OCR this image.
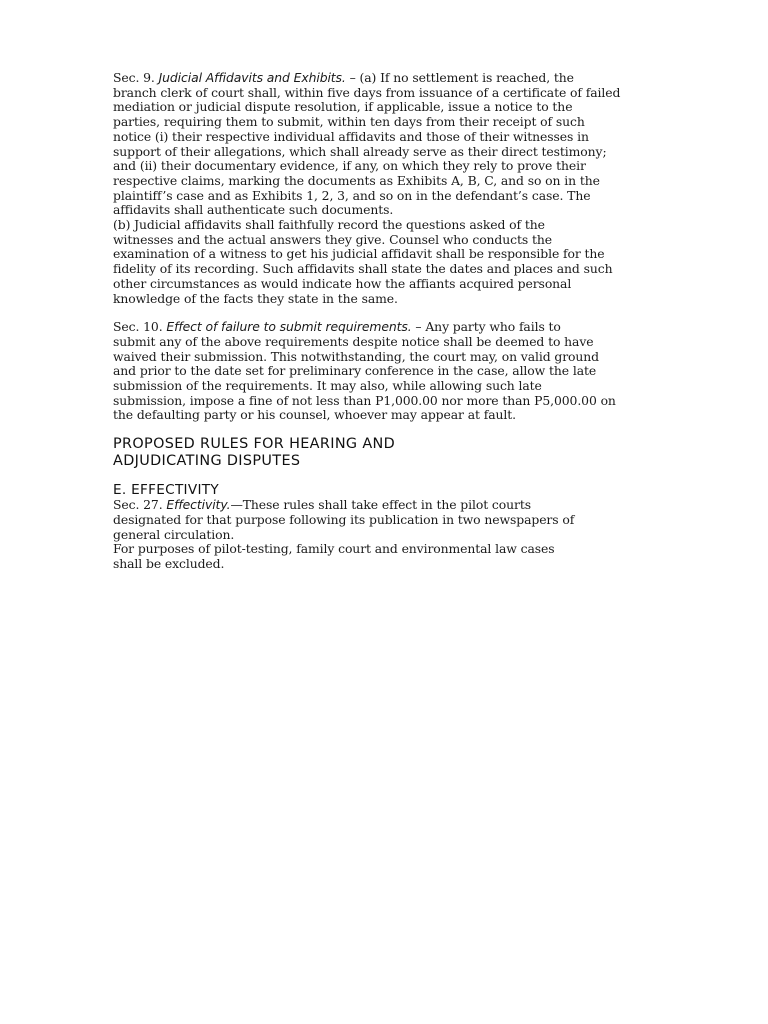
Sec. 9. Judicial Affidavits and Exhibits. – (a) If no settlement is reached, the
branch clerk of court shall, within five days from issuance of a certificate of failed
mediation or judicial dispute resolution, if applicable, issue a notice to the
parties, requiring them to submit, within ten days from their receipt of such
notice (i) their respective individual affidavits and those of their witnesses in
support of their allegations, which shall already serve as their direct testimony;
and (ii) their documentary evidence, if any, on which they rely to prove their
respective claims, marking the documents as Exhibits A, B, C, and so on in the
plaintiff’s case and as Exhibits 1, 2, 3, and so on in the defendant’s case. The
affidavits shall authenticate such documents.
(b) Judicial affidavits shall faithfully record the questions asked of the
witnesses and the actual answers they give. Counsel who conducts the
examination of a witness to get his judicial affidavit shall be responsible for the
fidelity of its recording. Such affidavits shall state the dates and places and such
other circumstances as would indicate how the affiants acquired personal
knowledge of the facts they state in the same.
Sec. 10. Effect of failure to submit requirements. – Any party who fails to
submit any of the above requirements despite notice shall be deemed to have
waived their submission. This notwithstanding, the court may, on valid ground
and prior to the date set for preliminary conference in the case, allow the late
submission of the requirements. It may also, while allowing such late
submission, impose a fine of not less than P1,000.00 nor more than P5,000.00 on
the defaulting party or his counsel, whoever may appear at fault.
PROPOSED RULES FOR HEARING AND
ADJUDICATING DISPUTES
E. EFFECTIVITY
Sec. 27. Effectivity.—These rules shall take effect in the pilot courts
designated for that purpose following its publication in two newspapers of
general circulation.
For purposes of pilot-testing, family court and environmental law cases
shall be excluded.
